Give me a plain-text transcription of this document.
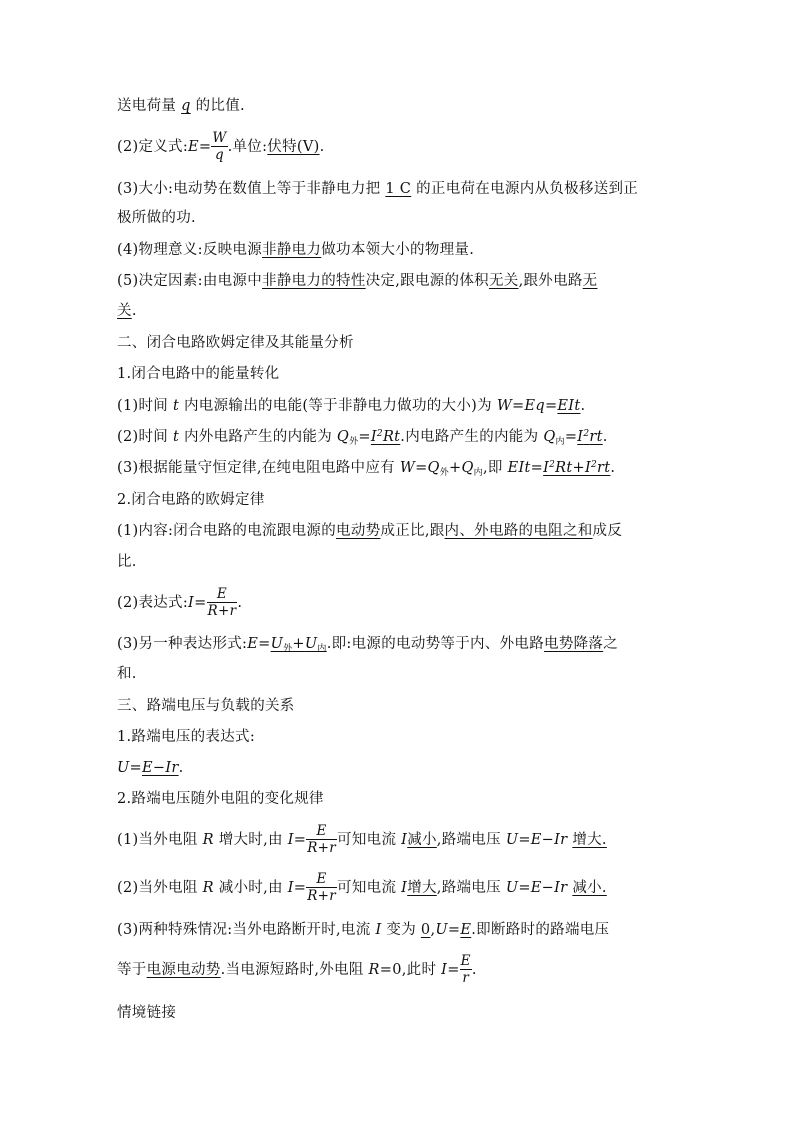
送电荷量 q 的比值.
(2)定义式:E= $\frac{W}{q}$ .单位:伏特(V).
(3)大小:电动势在数值上等于非静电力把 1 C 的正电荷在电源内从负极移送到正
极所做的功.
(4)物理意义:反映电源非静电力做功本领大小的物理量.
(5)决定因素:由电源中非静电力的特性决定,跟电源的体积无关,跟外电路无
关.
二、闭合电路欧姆定律及其能量分析
1.闭合电路中的能量转化
(1)时间 t 内电源输出的电能(等于非静电力做功的大小)为 W=Eq=EIt.
(2)时间 t 内外电路产生的内能为 $Q_外=I^2Rt$.内电路产生的内能为 $Q_内=I^2rt$.
(3)根据能量守恒定律,在纯电阻电路中应有 $W=Q_外+Q_内$,即 $EIt=I^2Rt+I^2rt$.
2.闭合电路的欧姆定律
(1)内容:闭合电路的电流跟电源的电动势成正比,跟内、外电路的电阻之和成反
比.
(2)表达式:I= $\frac{E}{R+r}$ .
(3)另一种表达形式$:E=U_外+U_内$.即:电源的电动势等于内、外电路电势降落之
和.
三、路端电压与负载的关系
1.路端电压的表达式:
U=E−Ir.
2.路端电压随外电阻的变化规律
(1)当外电阻 R 增大时,由 $I= \frac{E}{R+r}$ 可知电流 I减小,路端电压 U=E−Ir 增大.
(2)当外电阻 R 减小时,由 $I= \frac{E}{R+r}$ 可知电流 I增大,路端电压 U=E−Ir 减小.
(3)两种特殊情况:当外电路断开时,电流 I 变为 0,U=E.即断路时的路端电压
等于电源电动势.当电源短路时,外电阻 R=0,此时 $I= \frac{E}{r}$ .
情境链接
